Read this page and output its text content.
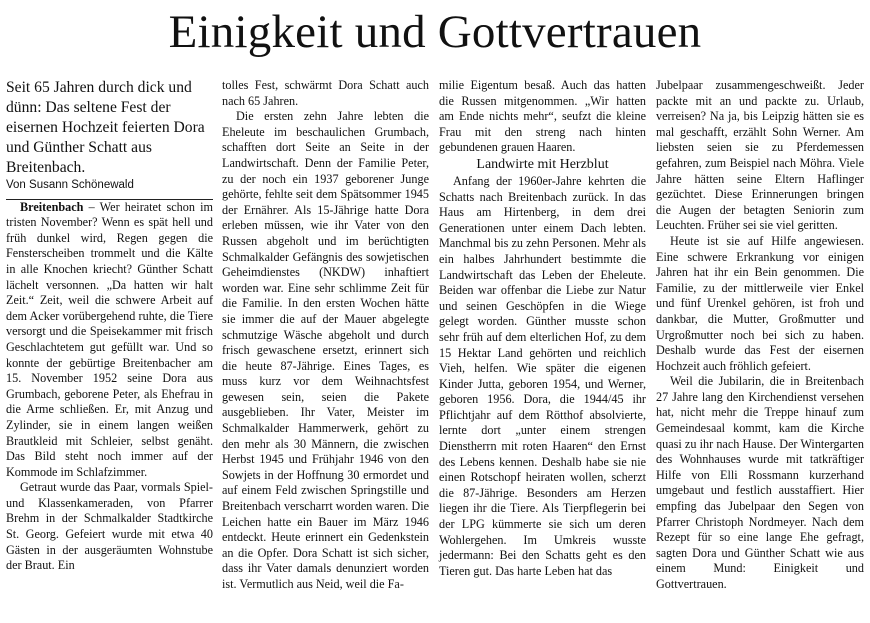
Einigkeit und Gottvertrauen

Seit 65 Jahren durch dick und dünn: Das seltene Fest der eisernen Hochzeit feierten Dora und Günther Schatt aus Breitenbach.

Von Susann Schönewald

Breitenbach – Wer heiratet schon im tristen November? Wenn es spät hell und früh dunkel wird, Regen gegen die Fensterscheiben trommelt und die Kälte in alle Knochen kriecht? Günther Schatt lächelt versonnen. „Da hatten wir halt Zeit.“ Zeit, weil die schwere Arbeit auf dem Acker vorübergehend ruhte, die Tiere versorgt und die Speisekammer mit frisch Geschlachtetem gut gefüllt war. Und so konnte der gebürtige Breitenbacher am 15. November 1952 seine Dora aus Grumbach, geborene Peter, als Ehefrau in die Arme schließen. Er, mit Anzug und Zylinder, sie in einem langen weißen Brautkleid mit Schleier, selbst genäht. Das Bild steht noch immer auf der Kommode im Schlafzimmer.

Getraut wurde das Paar, vormals Spiel- und Klassenkameraden, von Pfarrer Brehm in der Schmalkalder Stadtkirche St. Georg. Gefeiert wurde mit etwa 40 Gästen in der ausgeräumten Wohnstube der Braut. Ein

tolles Fest, schwärmt Dora Schatt auch nach 65 Jahren.

Die ersten zehn Jahre lebten die Eheleute im beschaulichen Grumbach, schafften dort Seite an Seite in der Landwirtschaft. Denn der Familie Peter, zu der noch ein 1937 geborener Junge gehörte, fehlte seit dem Spätsommer 1945 der Ernährer. Als 15-Jährige hatte Dora erleben müssen, wie ihr Vater von den Russen abgeholt und im berüchtigten Schmalkalder Gefängnis des sowjetischen Geheimdienstes (NKDW) inhaftiert worden war. Eine sehr schlimme Zeit für die Familie. In den ersten Wochen hätte sie immer die auf der Mauer abgelegte schmutzige Wäsche abgeholt und durch frisch gewaschene ersetzt, erinnert sich die heute 87-Jährige. Eines Tages, es muss kurz vor dem Weihnachtsfest gewesen sein, seien die Pakete ausgeblieben. Ihr Vater, Meister im Schmalkalder Hammerwerk, gehört zu den mehr als 30 Männern, die zwischen Herbst 1945 und Frühjahr 1946 von den Sowjets in der Hoffnung 30 ermordet und auf einem Feld zwischen Springstille und Breitenbach verscharrt worden waren. Die Leichen hatte ein Bauer im März 1946 entdeckt. Heute erinnert ein Gedenkstein an die Opfer. Dora Schatt ist sich sicher, dass ihr Vater damals denunziert worden ist. Vermutlich aus Neid, weil die Fa-

milie Eigentum besaß. Auch das hatten die Russen mitgenommen. „Wir hatten am Ende nichts mehr“, seufzt die kleine Frau mit den streng nach hinten gebundenen grauen Haaren.

Landwirte mit Herzblut

Anfang der 1960er-Jahre kehrten die Schatts nach Breitenbach zurück. In das Haus am Hirtenberg, in dem drei Generationen unter einem Dach lebten. Manchmal bis zu zehn Personen. Mehr als ein halbes Jahrhundert bestimmte die Landwirtschaft das Leben der Eheleute. Beiden war offenbar die Liebe zur Natur und seinen Geschöpfen in die Wiege gelegt worden. Günther musste schon sehr früh auf dem elterlichen Hof, zu dem 15 Hektar Land gehörten und reichlich Vieh, helfen. Wie später die eigenen Kinder Jutta, geboren 1954, und Werner, geboren 1956. Dora, die 1944/45 ihr Pflichtjahr auf dem Rötthof absolvierte, lernte dort „unter einem strengen Dienstherrn mit roten Haaren“ den Ernst des Lebens kennen. Deshalb habe sie nie einen Rotschopf heiraten wollen, scherzt die 87-Jährige. Besonders am Herzen liegen ihr die Tiere. Als Tierpflegerin bei der LPG kümmerte sie sich um deren Wohlergehen. Im Umkreis wusste jedermann: Bei den Schatts geht es den Tieren gut. Das harte Leben hat das

Jubelpaar zusammengeschweißt. Jeder packte mit an und packte zu. Urlaub, verreisen? Na ja, bis Leipzig hätten sie es mal geschafft, erzählt Sohn Werner. Am liebsten seien sie zu Pferdemessen gefahren, zum Beispiel nach Möhra. Viele Jahre hätten seine Eltern Haflinger gezüchtet. Diese Erinnerungen bringen die Augen der betagten Seniorin zum Leuchten. Früher sei sie viel geritten.

Heute ist sie auf Hilfe angewiesen. Eine schwere Erkrankung vor einigen Jahren hat ihr ein Bein genommen. Die Familie, zu der mittlerweile vier Enkel und fünf Urenkel gehören, ist froh und dankbar, die Mutter, Großmutter und Urgroßmutter noch bei sich zu haben. Deshalb wurde das Fest der eisernen Hochzeit auch fröhlich gefeiert.

Weil die Jubilarin, die in Breitenbach 27 Jahre lang den Kirchendienst versehen hat, nicht mehr die Treppe hinauf zum Gemeindesaal kommt, kam die Kirche quasi zu ihr nach Hause. Der Wintergarten des Wohnhauses wurde mit tatkräftiger Hilfe von Elli Rossmann kurzerhand umgebaut und festlich ausstaffiert. Hier empfing das Jubelpaar den Segen von Pfarrer Christoph Nordmeyer. Nach dem Rezept für so eine lange Ehe gefragt, sagten Dora und Günther Schatt wie aus einem Mund: Einigkeit und Gottvertrauen.
